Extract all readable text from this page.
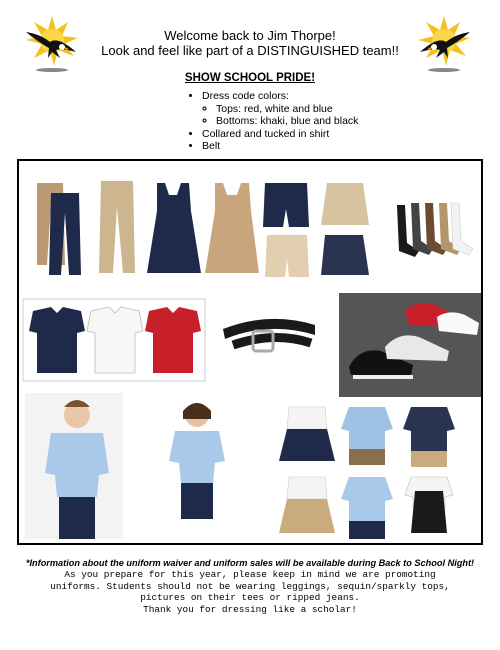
Welcome back to Jim Thorpe!
Look and feel like part of a DISTINGUISHED team!!
SHOW SCHOOL PRIDE!
• Dress code colors:
◦ Tops: red, white and blue
◦ Bottoms: khaki, blue and black
• Collared and tucked in shirt
• Belt
*Information about the uniform waiver and uniform sales will be available during Back to School Night!
As you prepare for this year, please keep in mind we are promoting
uniforms. Students should not be wearing leggings, sequin/sparkly tops,
pictures on their tees or ripped jeans.
Thank you for dressing like a scholar!
